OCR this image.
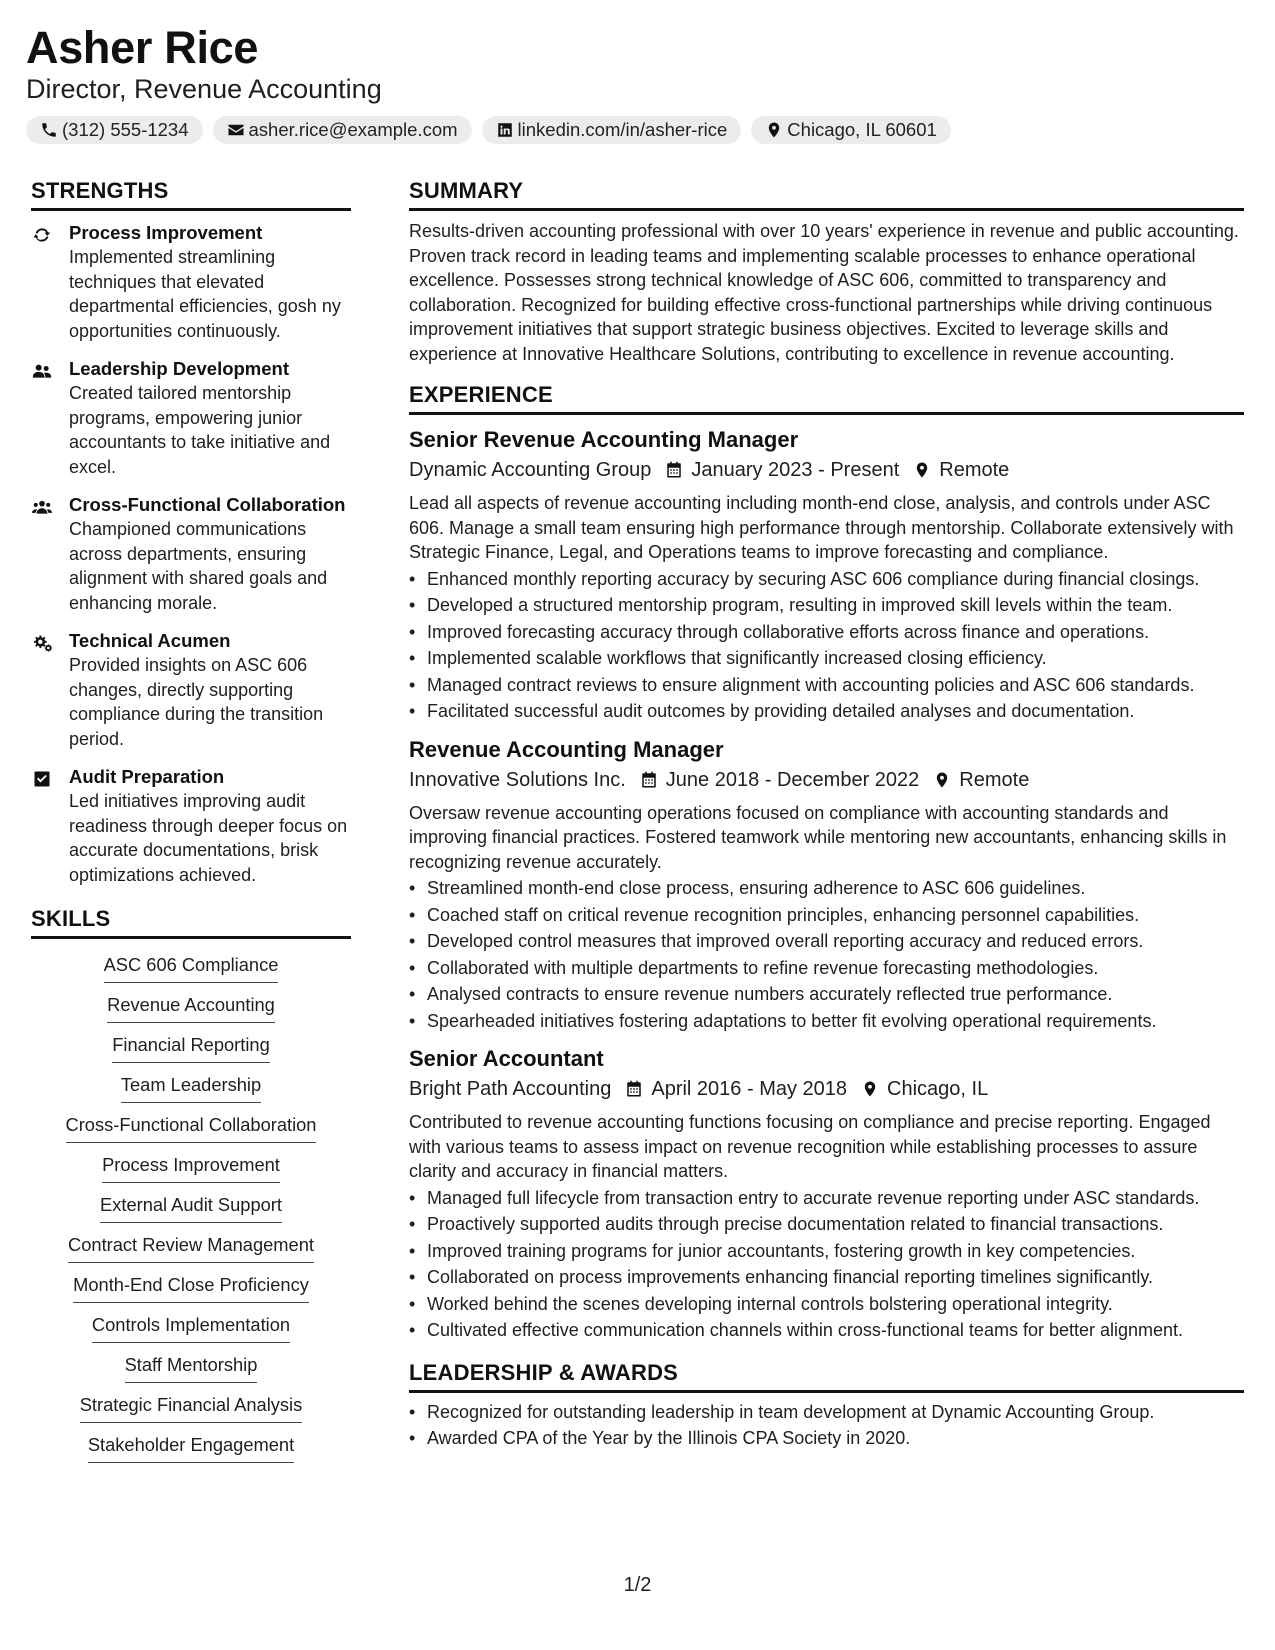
Asher Rice
Director, Revenue Accounting
(312) 555-1234	asher.rice@example.com	linkedin.com/in/asher-rice	Chicago, IL 60601
STRENGTHS
Process Improvement
Implemented streamlining techniques that elevated departmental efficiencies, gosh ny opportunities continuously.
Leadership Development
Created tailored mentorship programs, empowering junior accountants to take initiative and excel.
Cross-Functional Collaboration
Championed communications across departments, ensuring alignment with shared goals and enhancing morale.
Technical Acumen
Provided insights on ASC 606 changes, directly supporting compliance during the transition period.
Audit Preparation
Led initiatives improving audit readiness through deeper focus on accurate documentations, brisk optimizations achieved.
SKILLS
ASC 606 Compliance
Revenue Accounting
Financial Reporting
Team Leadership
Cross-Functional Collaboration
Process Improvement
External Audit Support
Contract Review Management
Month-End Close Proficiency
Controls Implementation
Staff Mentorship
Strategic Financial Analysis
Stakeholder Engagement
SUMMARY
Results-driven accounting professional with over 10 years' experience in revenue and public accounting. Proven track record in leading teams and implementing scalable processes to enhance operational excellence. Possesses strong technical knowledge of ASC 606, committed to transparency and collaboration. Recognized for building effective cross-functional partnerships while driving continuous improvement initiatives that support strategic business objectives. Excited to leverage skills and experience at Innovative Healthcare Solutions, contributing to excellence in revenue accounting.
EXPERIENCE
Senior Revenue Accounting Manager
Dynamic Accounting Group January 2023 - Present Remote
Lead all aspects of revenue accounting including month-end close, analysis, and controls under ASC 606. Manage a small team ensuring high performance through mentorship. Collaborate extensively with Strategic Finance, Legal, and Operations teams to improve forecasting and compliance.
• Enhanced monthly reporting accuracy by securing ASC 606 compliance during financial closings.
• Developed a structured mentorship program, resulting in improved skill levels within the team.
• Improved forecasting accuracy through collaborative efforts across finance and operations.
• Implemented scalable workflows that significantly increased closing efficiency.
• Managed contract reviews to ensure alignment with accounting policies and ASC 606 standards.
• Facilitated successful audit outcomes by providing detailed analyses and documentation.
Revenue Accounting Manager
Innovative Solutions Inc. June 2018 - December 2022 Remote
Oversaw revenue accounting operations focused on compliance with accounting standards and improving financial practices. Fostered teamwork while mentoring new accountants, enhancing skills in recognizing revenue accurately.
• Streamlined month-end close process, ensuring adherence to ASC 606 guidelines.
• Coached staff on critical revenue recognition principles, enhancing personnel capabilities.
• Developed control measures that improved overall reporting accuracy and reduced errors.
• Collaborated with multiple departments to refine revenue forecasting methodologies.
• Analysed contracts to ensure revenue numbers accurately reflected true performance.
• Spearheaded initiatives fostering adaptations to better fit evolving operational requirements.
Senior Accountant
Bright Path Accounting April 2016 - May 2018 Chicago, IL
Contributed to revenue accounting functions focusing on compliance and precise reporting. Engaged with various teams to assess impact on revenue recognition while establishing processes to assure clarity and accuracy in financial matters.
• Managed full lifecycle from transaction entry to accurate revenue reporting under ASC standards.
• Proactively supported audits through precise documentation related to financial transactions.
• Improved training programs for junior accountants, fostering growth in key competencies.
• Collaborated on process improvements enhancing financial reporting timelines significantly.
• Worked behind the scenes developing internal controls bolstering operational integrity.
• Cultivated effective communication channels within cross-functional teams for better alignment.
LEADERSHIP & AWARDS
• Recognized for outstanding leadership in team development at Dynamic Accounting Group.
• Awarded CPA of the Year by the Illinois CPA Society in 2020.
1/2
